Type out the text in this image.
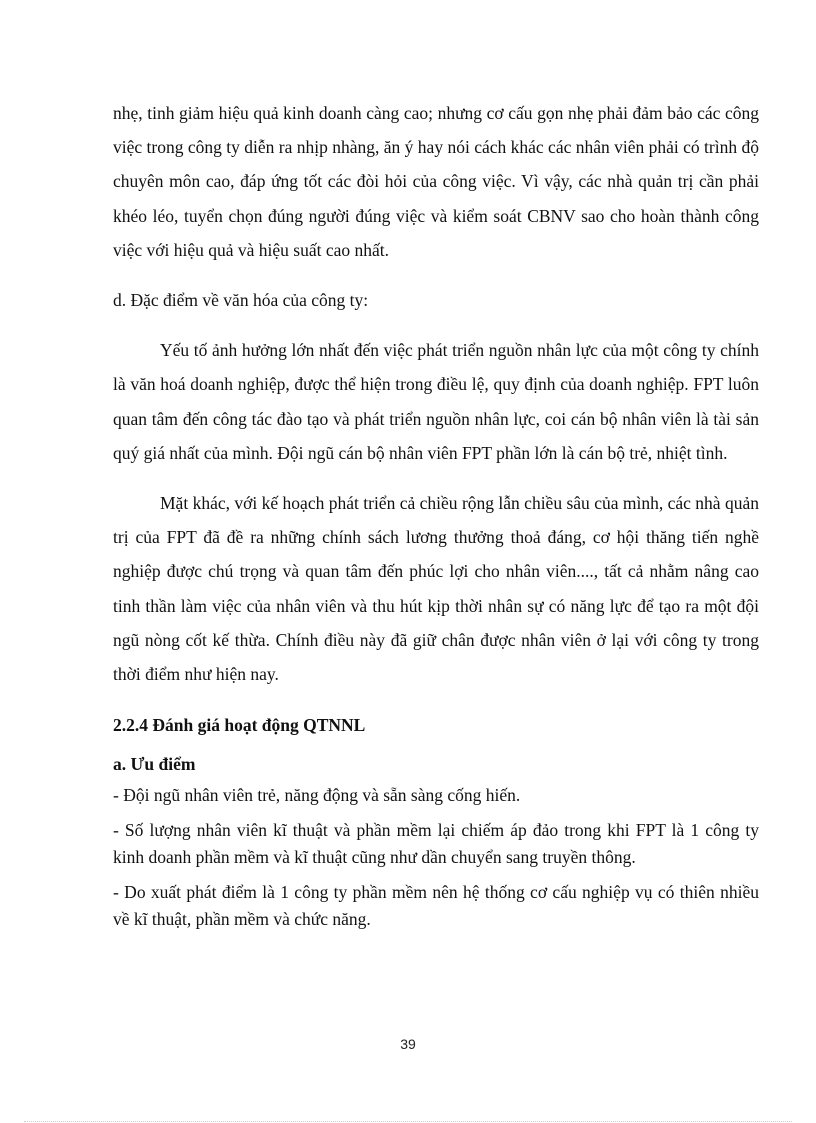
nhẹ, tinh giảm hiệu quả kinh doanh càng cao; nhưng cơ cấu gọn nhẹ phải đảm bảo các công việc trong công ty diễn ra nhịp nhàng, ăn ý hay nói cách khác các nhân viên phải có trình độ chuyên môn cao, đáp ứng tốt các đòi hỏi của công việc. Vì vậy, các nhà quản trị cần phải khéo léo, tuyển chọn đúng người đúng việc và kiểm soát CBNV sao cho hoàn thành công việc với hiệu quả và hiệu suất cao nhất.

d. Đặc điểm về văn hóa của công ty:

Yếu tố ảnh hưởng lớn nhất đến việc phát triển nguồn nhân lực của một công ty chính là văn hoá doanh nghiệp, được thể hiện trong điều lệ, quy định của doanh nghiệp. FPT luôn quan tâm đến công tác đào tạo và phát triển nguồn nhân lực, coi cán bộ nhân viên là tài sản quý giá nhất của mình. Đội ngũ cán bộ nhân viên FPT phần lớn là cán bộ trẻ, nhiệt tình.

Mặt khác, với kế hoạch phát triển cả chiều rộng lẫn chiều sâu của mình, các nhà quản trị của FPT đã đề ra những chính sách lương thưởng thoả đáng, cơ hội thăng tiến nghề nghiệp được chú trọng và quan tâm đến phúc lợi cho nhân viên...., tất cả nhằm nâng cao tinh thần làm việc của nhân viên và thu hút kịp thời nhân sự có năng lực để tạo ra một đội ngũ nòng cốt kế thừa. Chính điều này đã giữ chân được nhân viên ở lại với công ty trong thời điểm như hiện nay.

2.2.4 Đánh giá hoạt động QTNNL

a. Ưu điểm

- Đội ngũ nhân viên trẻ, năng động và sẵn sàng cống hiến.

- Số lượng nhân viên kĩ thuật và phần mềm lại chiếm áp đảo trong khi FPT là 1 công ty kinh doanh phần mềm và kĩ thuật cũng như dần chuyển sang truyền thông.

- Do xuất phát điểm là 1 công ty phần mềm nên hệ thống cơ cấu nghiệp vụ có thiên nhiều về kĩ thuật, phần mềm và chức năng.

39
